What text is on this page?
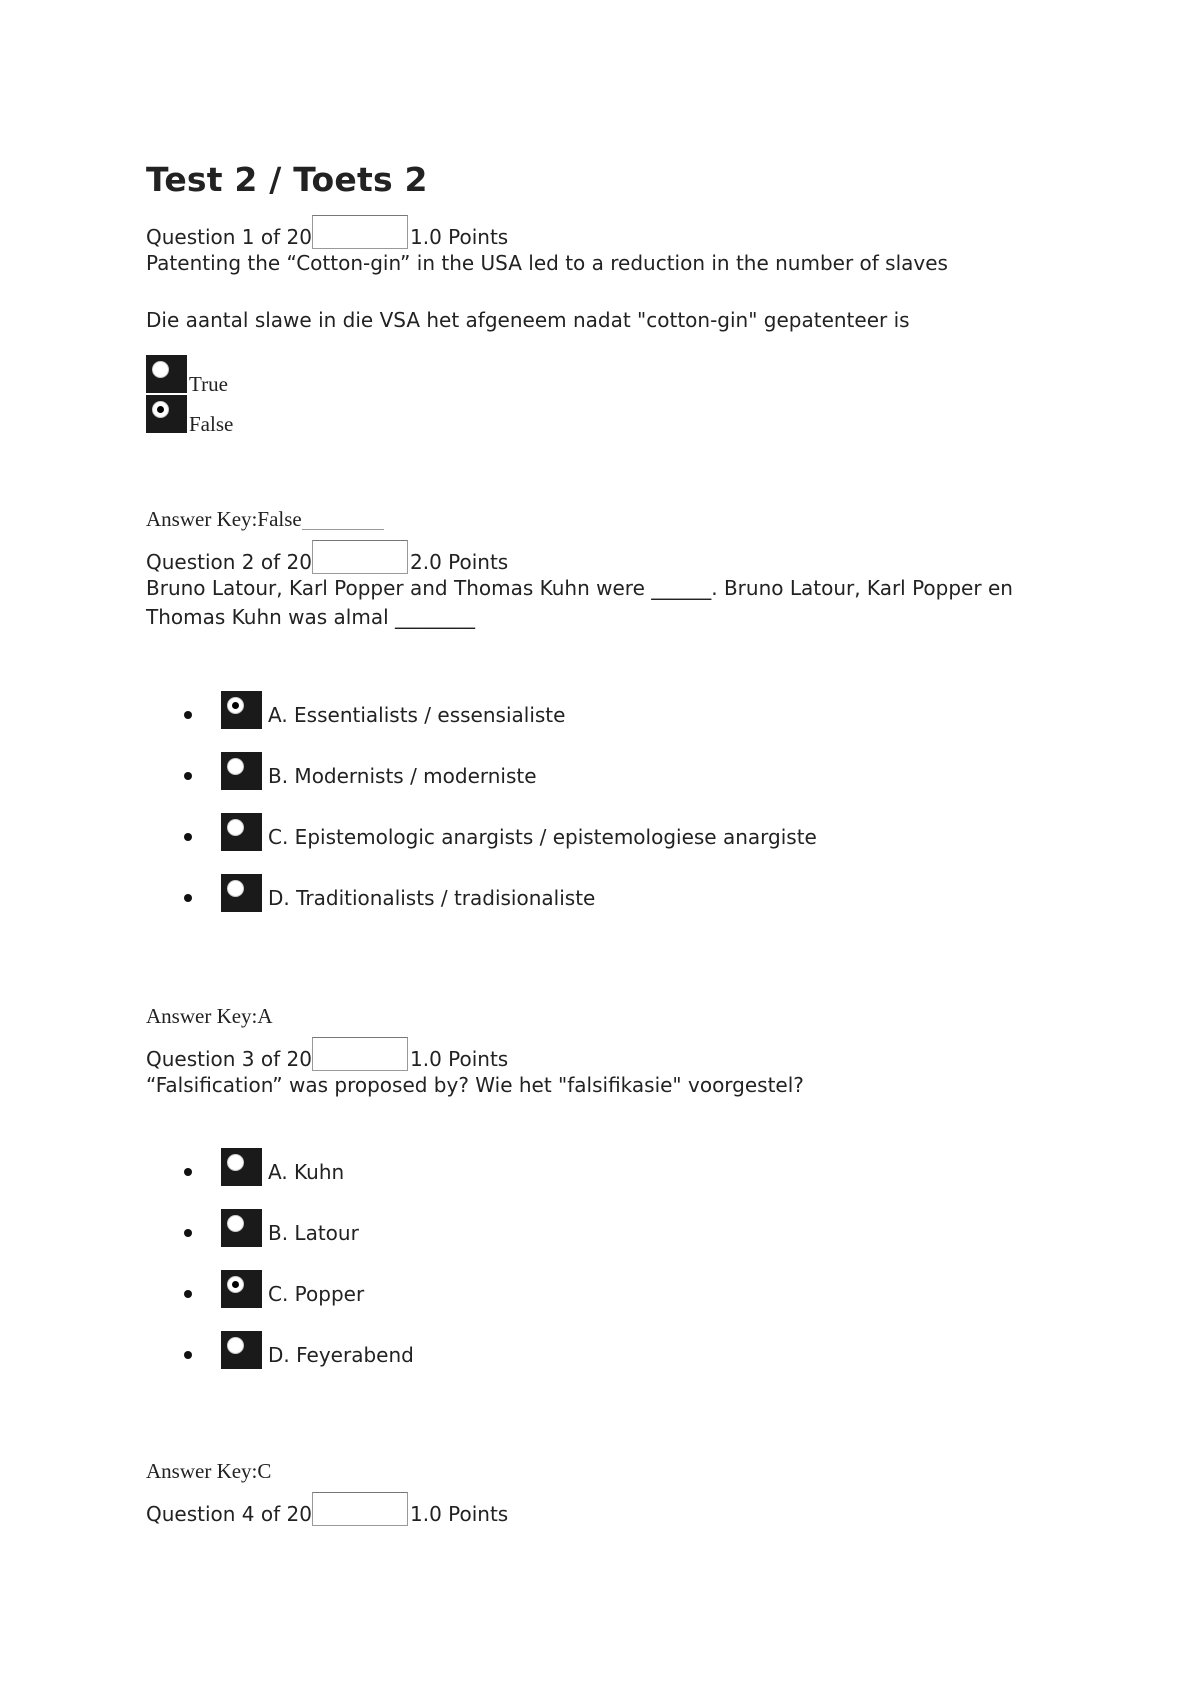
Test 2 / Toets 2
Question 1 of 20	1.0 Points

Patenting the “Cotton-gin” in the USA led to a reduction in the number of slaves

Die aantal slawe in die VSA het afgeneem nadat "cotton-gin" gepatenteer is

True
False
Answer Key:False
Question 2 of 20	2.0 Points

Bruno Latour, Karl Popper and Thomas Kuhn were ______. Bruno Latour, Karl Popper en

Thomas Kuhn was almal ________

A. Essentialists / essensialiste
B. Modernists / moderniste
C. Epistemologic anargists / epistemologiese anargiste
D. Traditionalists / tradisionaliste
Answer Key:A
Question 3 of 20	1.0 Points

“Falsification” was proposed by? Wie het "falsifikasie" voorgestel?

A. Kuhn
B. Latour
C. Popper
D. Feyerabend
Answer Key:C
Question 4 of 20	1.0 Points
